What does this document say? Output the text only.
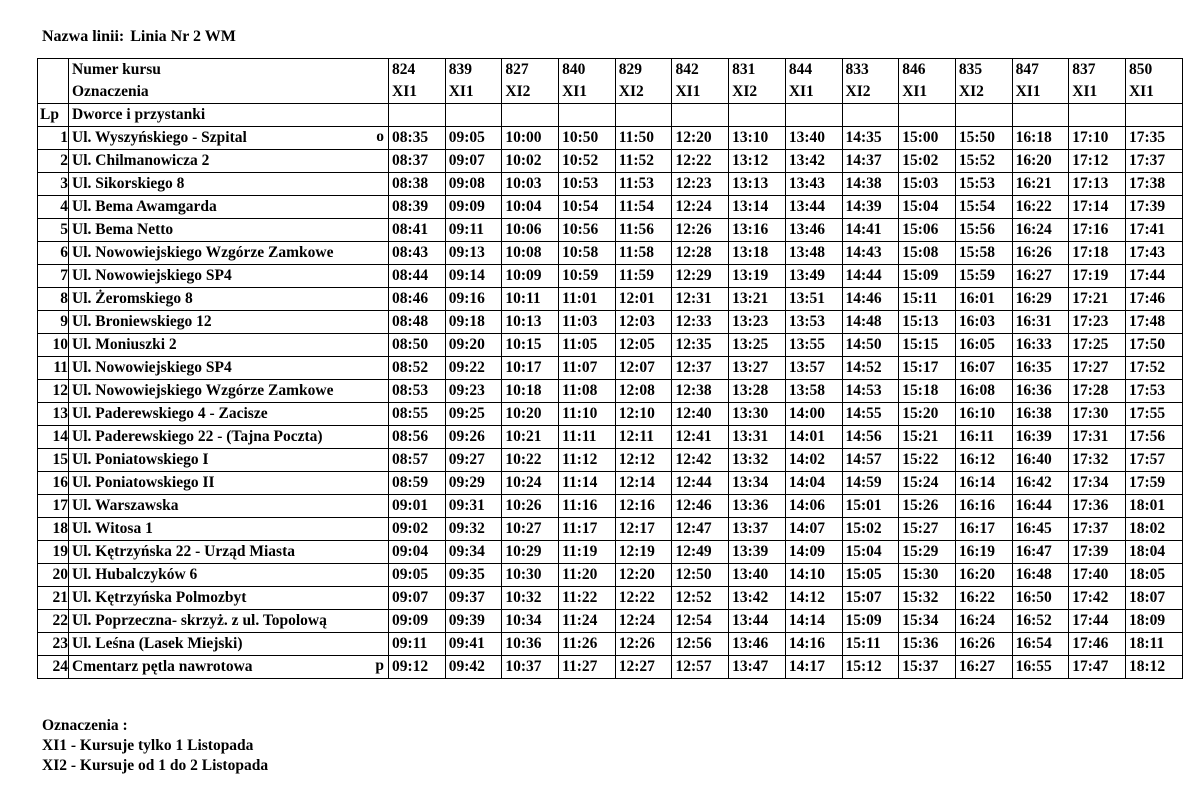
Nazwa linii: Linia Nr 2 WM
	Numer kursu	824	839	827	840	829	842	831	844	833	846	835	847	837	850
	Oznaczenia	XI1	XI1	XI2	XI1	XI2	XI1	XI2	XI1	XI2	XI1	XI2	XI1	XI1	XI1
Lp	Dworce i przystanki														
1	Ul. Wyszyńskiego - Szpital o	08:35	09:05	10:00	10:50	11:50	12:20	13:10	13:40	14:35	15:00	15:50	16:18	17:10	17:35
2	Ul. Chilmanowicza 2	08:37	09:07	10:02	10:52	11:52	12:22	13:12	13:42	14:37	15:02	15:52	16:20	17:12	17:37
3	Ul. Sikorskiego 8	08:38	09:08	10:03	10:53	11:53	12:23	13:13	13:43	14:38	15:03	15:53	16:21	17:13	17:38
4	Ul. Bema Awamgarda	08:39	09:09	10:04	10:54	11:54	12:24	13:14	13:44	14:39	15:04	15:54	16:22	17:14	17:39
5	Ul. Bema Netto	08:41	09:11	10:06	10:56	11:56	12:26	13:16	13:46	14:41	15:06	15:56	16:24	17:16	17:41
6	Ul. Nowowiejskiego Wzgórze Zamkowe	08:43	09:13	10:08	10:58	11:58	12:28	13:18	13:48	14:43	15:08	15:58	16:26	17:18	17:43
7	Ul. Nowowiejskiego SP4	08:44	09:14	10:09	10:59	11:59	12:29	13:19	13:49	14:44	15:09	15:59	16:27	17:19	17:44
8	Ul. Żeromskiego 8	08:46	09:16	10:11	11:01	12:01	12:31	13:21	13:51	14:46	15:11	16:01	16:29	17:21	17:46
9	Ul. Broniewskiego 12	08:48	09:18	10:13	11:03	12:03	12:33	13:23	13:53	14:48	15:13	16:03	16:31	17:23	17:48
10	Ul. Moniuszki 2	08:50	09:20	10:15	11:05	12:05	12:35	13:25	13:55	14:50	15:15	16:05	16:33	17:25	17:50
11	Ul. Nowowiejskiego SP4	08:52	09:22	10:17	11:07	12:07	12:37	13:27	13:57	14:52	15:17	16:07	16:35	17:27	17:52
12	Ul. Nowowiejskiego Wzgórze Zamkowe	08:53	09:23	10:18	11:08	12:08	12:38	13:28	13:58	14:53	15:18	16:08	16:36	17:28	17:53
13	Ul. Paderewskiego 4 - Zacisze	08:55	09:25	10:20	11:10	12:10	12:40	13:30	14:00	14:55	15:20	16:10	16:38	17:30	17:55
14	Ul. Paderewskiego 22 - (Tajna Poczta)	08:56	09:26	10:21	11:11	12:11	12:41	13:31	14:01	14:56	15:21	16:11	16:39	17:31	17:56
15	Ul. Poniatowskiego I	08:57	09:27	10:22	11:12	12:12	12:42	13:32	14:02	14:57	15:22	16:12	16:40	17:32	17:57
16	Ul. Poniatowskiego II	08:59	09:29	10:24	11:14	12:14	12:44	13:34	14:04	14:59	15:24	16:14	16:42	17:34	17:59
17	Ul. Warszawska	09:01	09:31	10:26	11:16	12:16	12:46	13:36	14:06	15:01	15:26	16:16	16:44	17:36	18:01
18	Ul. Witosa 1	09:02	09:32	10:27	11:17	12:17	12:47	13:37	14:07	15:02	15:27	16:17	16:45	17:37	18:02
19	Ul. Kętrzyńska 22 - Urząd Miasta	09:04	09:34	10:29	11:19	12:19	12:49	13:39	14:09	15:04	15:29	16:19	16:47	17:39	18:04
20	Ul. Hubalczyków 6	09:05	09:35	10:30	11:20	12:20	12:50	13:40	14:10	15:05	15:30	16:20	16:48	17:40	18:05
21	Ul. Kętrzyńska Polmozbyt	09:07	09:37	10:32	11:22	12:22	12:52	13:42	14:12	15:07	15:32	16:22	16:50	17:42	18:07
22	Ul. Poprzeczna- skrzyż. z ul. Topolową	09:09	09:39	10:34	11:24	12:24	12:54	13:44	14:14	15:09	15:34	16:24	16:52	17:44	18:09
23	Ul. Leśna (Lasek Miejski)	09:11	09:41	10:36	11:26	12:26	12:56	13:46	14:16	15:11	15:36	16:26	16:54	17:46	18:11
24	Cmentarz pętla nawrotowa p	09:12	09:42	10:37	11:27	12:27	12:57	13:47	14:17	15:12	15:37	16:27	16:55	17:47	18:12
Oznaczenia :
XI1 - Kursuje tylko 1 Listopada
XI2 - Kursuje od 1 do 2 Listopada
